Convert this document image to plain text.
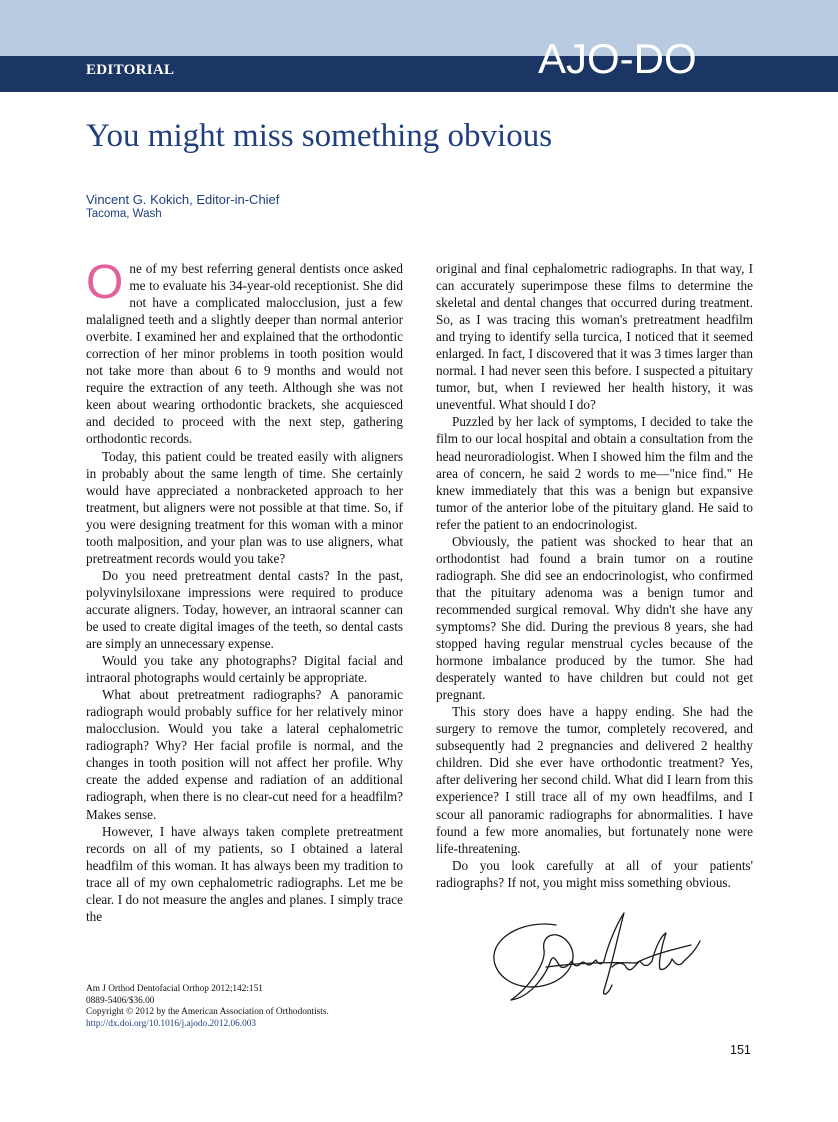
EDITORIAL	AJO-DO
You might miss something obvious
Vincent G. Kokich, Editor-in-Chief
Tacoma, Wash

One of my best referring general dentists once asked me to evaluate his 34-year-old receptionist. She did not have a complicated malocclusion, just a few malaligned teeth and a slightly deeper than normal anterior overbite. I examined her and explained that the orthodontic correction of her minor problems in tooth position would not take more than about 6 to 9 months and would not require the extraction of any teeth. Although she was not keen about wearing orthodontic brackets, she acquiesced and decided to proceed with the next step, gathering orthodontic records.

Today, this patient could be treated easily with aligners in probably about the same length of time. She certainly would have appreciated a nonbracketed approach to her treatment, but aligners were not possible at that time. So, if you were designing treatment for this woman with a minor tooth malposition, and your plan was to use aligners, what pretreatment records would you take?

Do you need pretreatment dental casts? In the past, polyvinylsiloxane impressions were required to produce accurate aligners. Today, however, an intraoral scanner can be used to create digital images of the teeth, so dental casts are simply an unnecessary expense.

Would you take any photographs? Digital facial and intraoral photographs would certainly be appropriate.

What about pretreatment radiographs? A panoramic radiograph would probably suffice for her relatively minor malocclusion. Would you take a lateral cephalometric radiograph? Why? Her facial profile is normal, and the changes in tooth position will not affect her profile. Why create the added expense and radiation of an additional radiograph, when there is no clear-cut need for a headfilm? Makes sense.

However, I have always taken complete pretreatment records on all of my patients, so I obtained a lateral headfilm of this woman. It has always been my tradition to trace all of my own cephalometric radiographs. Let me be clear. I do not measure the angles and planes. I simply trace the

original and final cephalometric radiographs. In that way, I can accurately superimpose these films to determine the skeletal and dental changes that occurred during treatment. So, as I was tracing this woman's pretreatment headfilm and trying to identify sella turcica, I noticed that it seemed enlarged. In fact, I discovered that it was 3 times larger than normal. I had never seen this before. I suspected a pituitary tumor, but, when I reviewed her health history, it was uneventful. What should I do?

Puzzled by her lack of symptoms, I decided to take the film to our local hospital and obtain a consultation from the head neuroradiologist. When I showed him the film and the area of concern, he said 2 words to me—"nice find." He knew immediately that this was a benign but expansive tumor of the anterior lobe of the pituitary gland. He said to refer the patient to an endocrinologist.

Obviously, the patient was shocked to hear that an orthodontist had found a brain tumor on a routine radiograph. She did see an endocrinologist, who confirmed that the pituitary adenoma was a benign tumor and recommended surgical removal. Why didn't she have any symptoms? She did. During the previous 8 years, she had stopped having regular menstrual cycles because of the hormone imbalance produced by the tumor. She had desperately wanted to have children but could not get pregnant.

This story does have a happy ending. She had the surgery to remove the tumor, completely recovered, and subsequently had 2 pregnancies and delivered 2 healthy children. Did she ever have orthodontic treatment? Yes, after delivering her second child. What did I learn from this experience? I still trace all of my own headfilms, and I scour all panoramic radiographs for abnormalities. I have found a few more anomalies, but fortunately none were life-threatening.

Do you look carefully at all of your patients' radiographs? If not, you might miss something obvious.

Am J Orthod Dentofacial Orthop 2012;142:151
0889-5406/$36.00
Copyright © 2012 by the American Association of Orthodontists.
http://dx.doi.org/10.1016/j.ajodo.2012.06.003
151
